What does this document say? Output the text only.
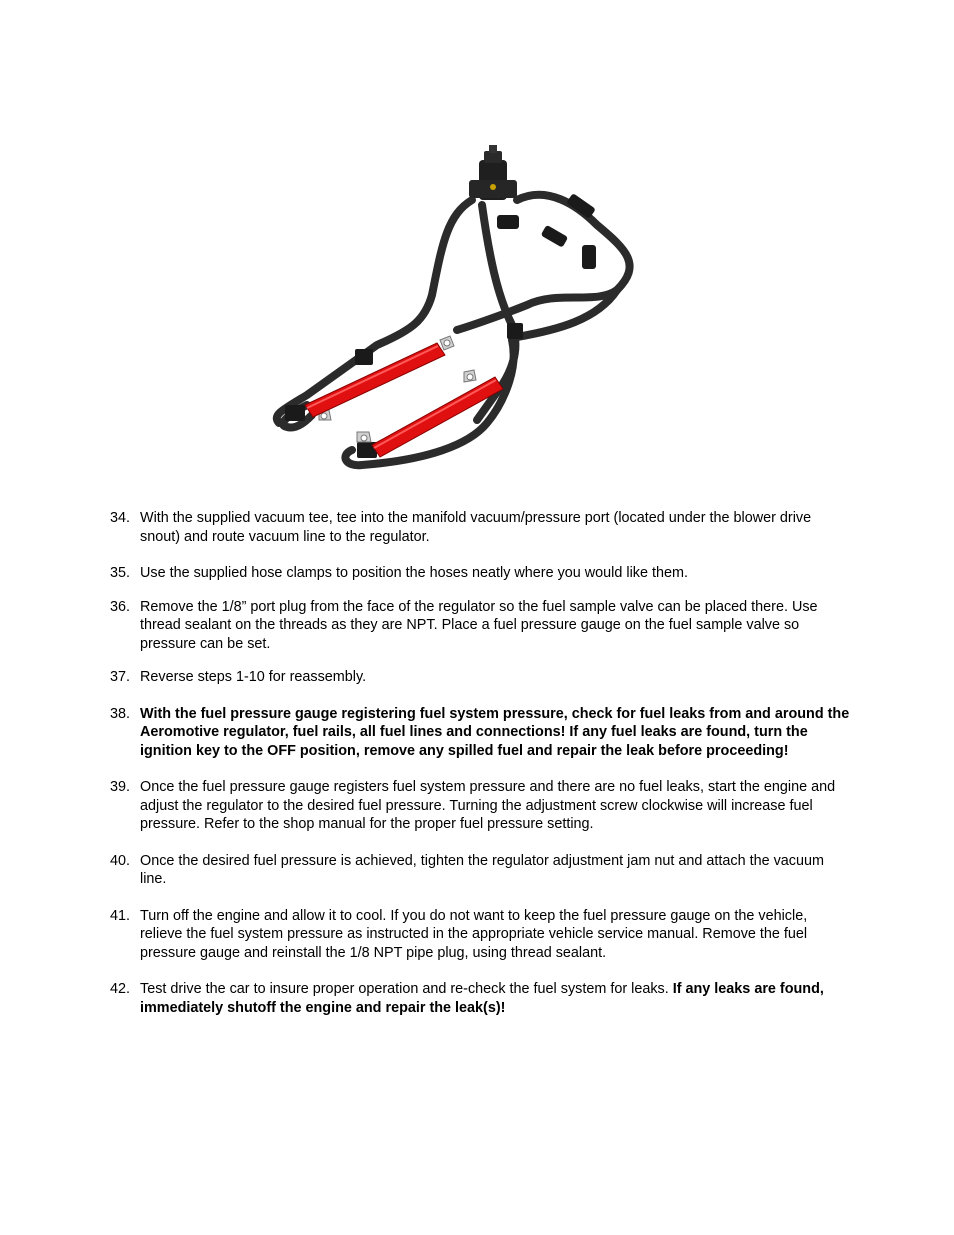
34. With the supplied vacuum tee, tee into the manifold vacuum/pressure port (located under the blower drive snout) and route vacuum line to the regulator.
35. Use the supplied hose clamps to position the hoses neatly where you would like them.
36. Remove the 1/8” port plug from the face of the regulator so the fuel sample valve can be placed there. Use thread sealant on the threads as they are NPT. Place a fuel pressure gauge on the fuel sample valve so pressure can be set.
37. Reverse steps 1-10 for reassembly.
38. With the fuel pressure gauge registering fuel system pressure, check for fuel leaks from and around the Aeromotive regulator, fuel rails, all fuel lines and connections! If any fuel leaks are found, turn the ignition key to the OFF position, remove any spilled fuel and repair the leak before proceeding!
39. Once the fuel pressure gauge registers fuel system pressure and there are no fuel leaks, start the engine and adjust the regulator to the desired fuel pressure. Turning the adjustment screw clockwise will increase fuel pressure. Refer to the shop manual for the proper fuel pressure setting.
40. Once the desired fuel pressure is achieved, tighten the regulator adjustment jam nut and attach the vacuum line.
41. Turn off the engine and allow it to cool. If you do not want to keep the fuel pressure gauge on the vehicle, relieve the fuel system pressure as instructed in the appropriate vehicle service manual. Remove the fuel pressure gauge and reinstall the 1/8 NPT pipe plug, using thread sealant.
42. Test drive the car to insure proper operation and re-check the fuel system for leaks. If any leaks are found, immediately shutoff the engine and repair the leak(s)!
